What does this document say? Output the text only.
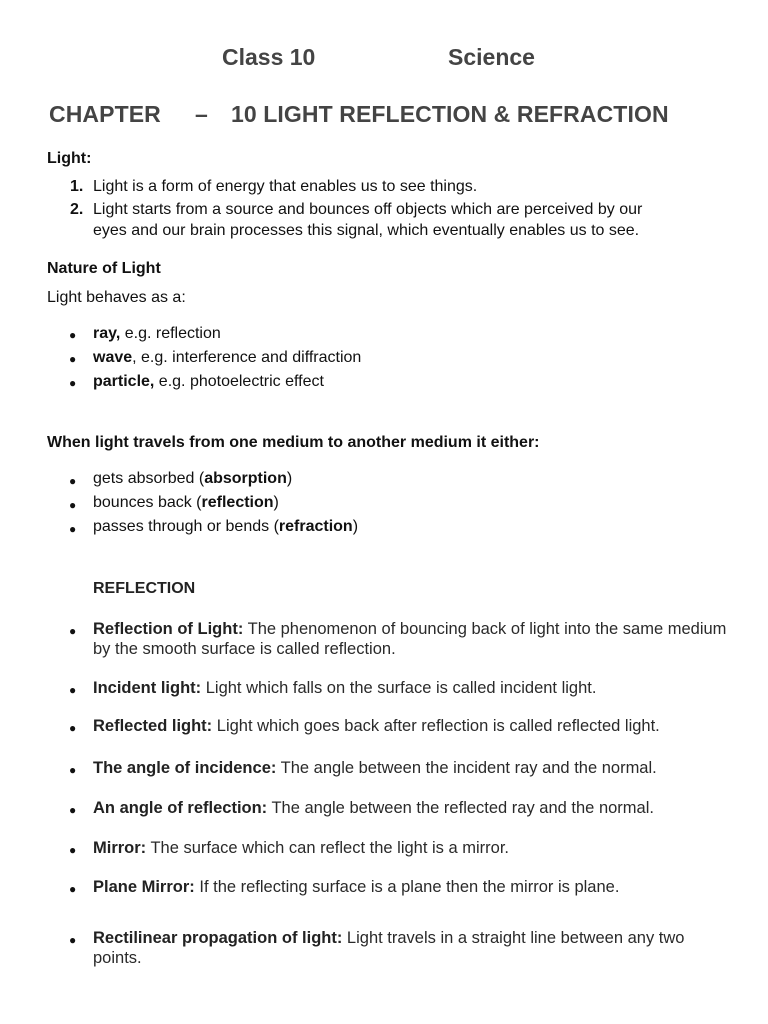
Class 10	Science
CHAPTER – 10 LIGHT REFLECTION & REFRACTION
Light:
1. Light is a form of energy that enables us to see things.
2. Light starts from a source and bounces off objects which are perceived by our
eyes and our brain processes this signal, which eventually enables us to see.
Nature of Light
Light behaves as a:
● ray, e.g. reflection
● wave, e.g. interference and diffraction
● particle, e.g. photoelectric effect
When light travels from one medium to another medium it either:
● gets absorbed (absorption)
● bounces back (reflection)
● passes through or bends (refraction)
REFLECTION
● Reflection of Light: The phenomenon of bouncing back of light into the same medium by the smooth surface is called reflection.
● Incident light: Light which falls on the surface is called incident light.
● Reflected light: Light which goes back after reflection is called reflected light.
● The angle of incidence: The angle between the incident ray and the normal.
● An angle of reflection: The angle between the reflected ray and the normal.
● Mirror: The surface which can reflect the light is a mirror.
● Plane Mirror: If the reflecting surface is a plane then the mirror is plane.
● Rectilinear propagation of light: Light travels in a straight line between any two points.
